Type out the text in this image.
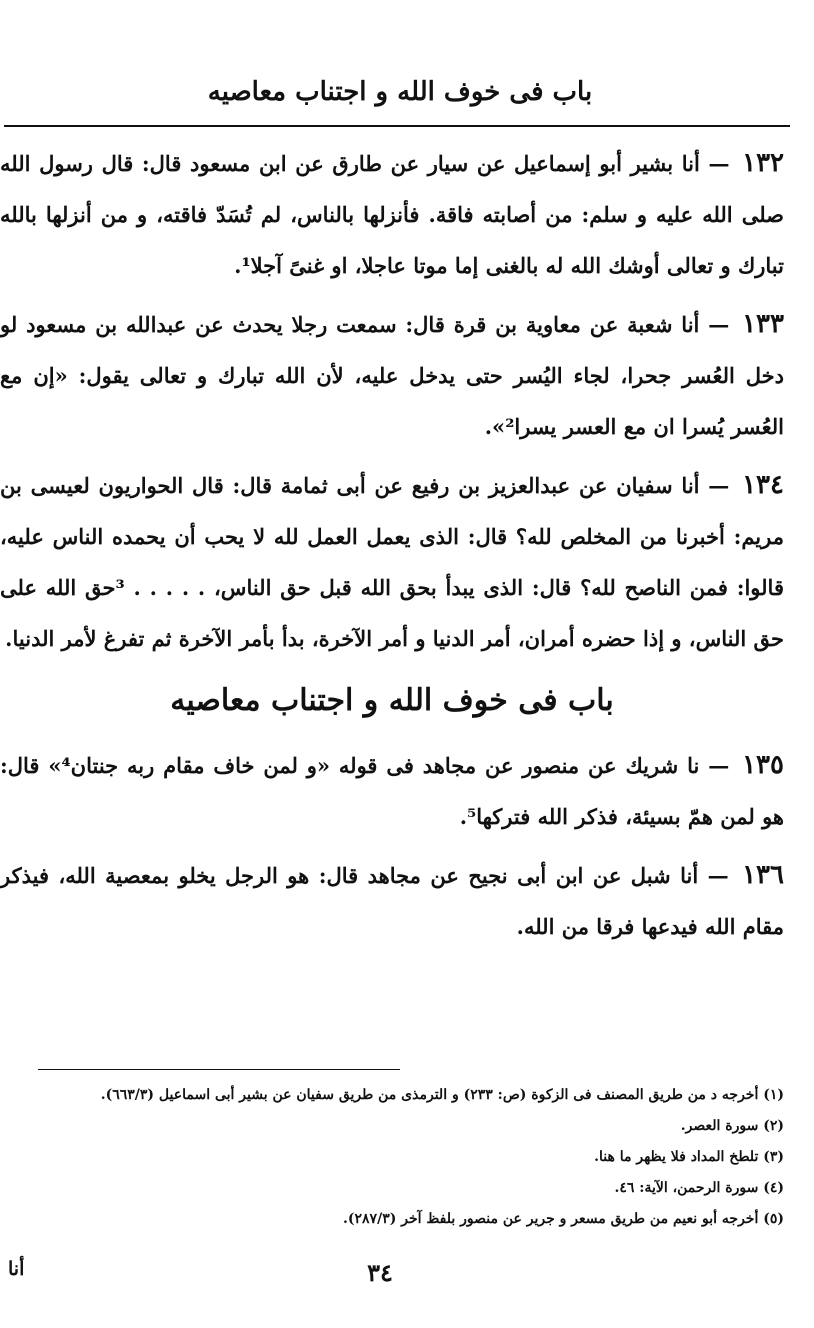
باب فى خوف الله و اجتناب معاصيه

١٣٢ — أنا بشير أبو إسماعيل عن سيار عن طارق عن ابن مسعود قال: قال رسول الله صلى الله عليه و سلم: من أصابته فاقة. فأنزلها بالناس، لم تُسَدّ فاقته، و من أنزلها بالله تبارك و تعالى أوشك الله له بالغنى إما موتا عاجلا، او غنىً آجلا¹.

١٣٣ — أنا شعبة عن معاوية بن قرة قال: سمعت رجلا يحدث عن عبدالله بن مسعود لو دخل العُسر جحرا، لجاء اليُسر حتى يدخل عليه، لأن الله تبارك و تعالى يقول: «إن مع العُسر يُسرا ان مع العسر يسرا²».

١٣٤ — أنا سفيان عن عبدالعزيز بن رفيع عن أبى ثمامة قال: قال الحواريون لعيسى بن مريم: أخبرنا من المخلص لله؟ قال: الذى يعمل العمل لله لا يحب أن يحمده الناس عليه، قالوا: فمن الناصح لله؟ قال: الذى يبدأ بحق الله قبل حق الناس، . . . . . ³حق الله على حق الناس، و إذا حضره أمران، أمر الدنيا و أمر الآخرة، بدأ بأمر الآخرة ثم تفرغ لأمر الدنيا.

باب فى خوف الله و اجتناب معاصيه

١٣٥ — نا شريك عن منصور عن مجاهد فى قوله «و لمن خاف مقام ربه جنتان⁴» قال: هو لمن همّ بسيئة، فذكر الله فتركها⁵.

١٣٦ — أنا شبل عن ابن أبى نجيح عن مجاهد قال: هو الرجل يخلو بمعصية الله، فيذكر مقام الله فيدعها فرقا من الله.

(١) أخرجه د من طريق المصنف فى الزكوة (ص: ٢٣٣) و الترمذى من طريق سفيان عن بشير أبى اسماعيل (٦٦٣/٣).
(٢) سورة العصر.
(٣) تلطخ المداد فلا يظهر ما هنا.
(٤) سورة الرحمن، الآية: ٤٦.
(٥) أخرجه أبو نعيم من طريق مسعر و جرير عن منصور بلفظ آخر (٢٨٧/٣).
٣٤
أنا
